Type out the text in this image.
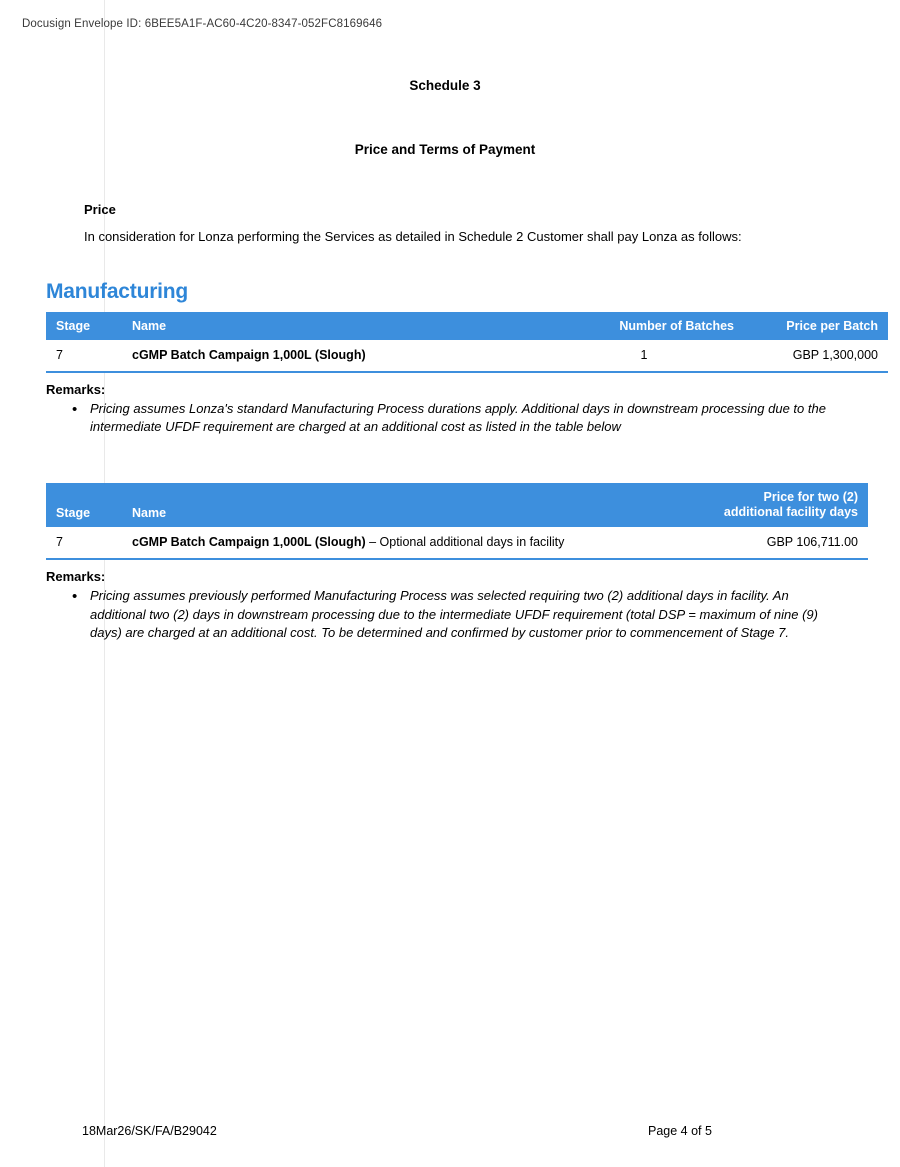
Docusign Envelope ID: 6BEE5A1F-AC60-4C20-8347-052FC8169646
Schedule 3
Price and Terms of Payment
Price

In consideration for Lonza performing the Services as detailed in Schedule 2 Customer shall pay Lonza as follows:

Manufacturing
Stage	Name	Number of Batches	Price per Batch
7	cGMP Batch Campaign 1,000L (Slough)	1	GBP 1,300,000
Remarks:
• Pricing assumes Lonza's standard Manufacturing Process durations apply. Additional days in downstream processing due to the intermediate UFDF requirement are charged at an additional cost as listed in the table below
Stage	Name	Price for two (2)
additional facility days	
7	cGMP Batch Campaign 1,000L (Slough) – Optional additional days in facility		GBP 106,711.00
Remarks:
• Pricing assumes previously performed Manufacturing Process was selected requiring two (2) additional days in facility. An additional two (2) days in downstream processing due to the intermediate UFDF requirement (total DSP = maximum of nine (9) days) are charged at an additional cost. To be determined and confirmed by customer prior to commencement of Stage 7.
18Mar26/SK/FA/B29042	Page 4 of 5
